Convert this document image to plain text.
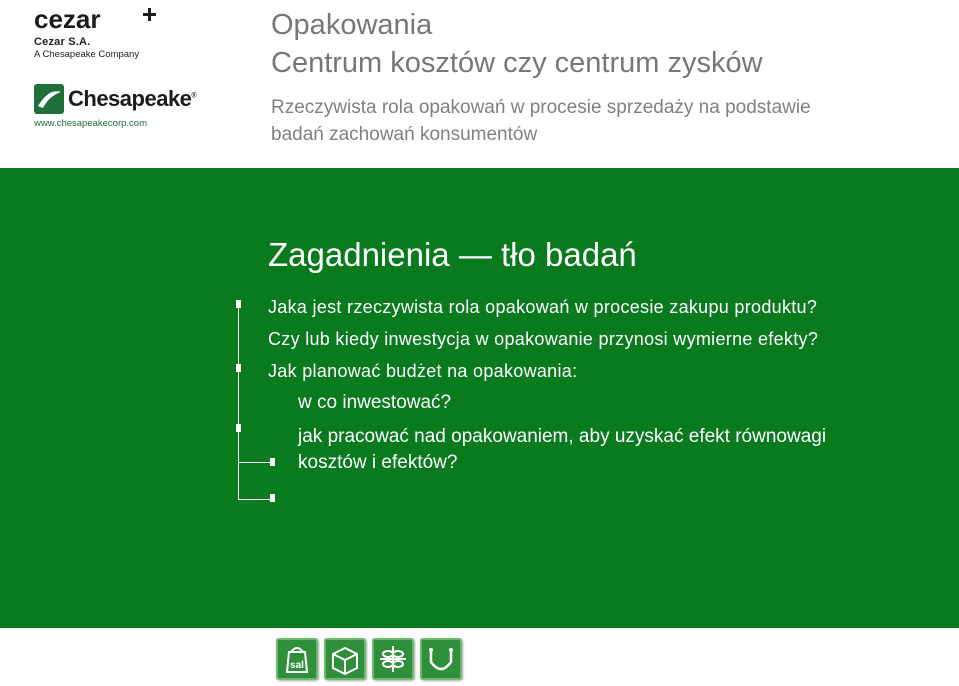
cezar
Cezar S.A.
A Chesapeake Company
Chesapeake®
www.chesapeakecorp.com
Opakowania
Centrum kosztów czy centrum zysków
Rzeczywista rola opakowań w procesie sprzedaży na podstawie
badań zachowań konsumentów
Zagadnienia — tło badań
Jaka jest rzeczywista rola opakowań w procesie zakupu produktu?
Czy lub kiedy inwestycja w opakowanie przynosi wymierne efekty?
Jak planować budżet na opakowania:
w co inwestować?
jak pracować nad opakowaniem, aby uzyskać efekt równowagi kosztów i efektów?
sal
